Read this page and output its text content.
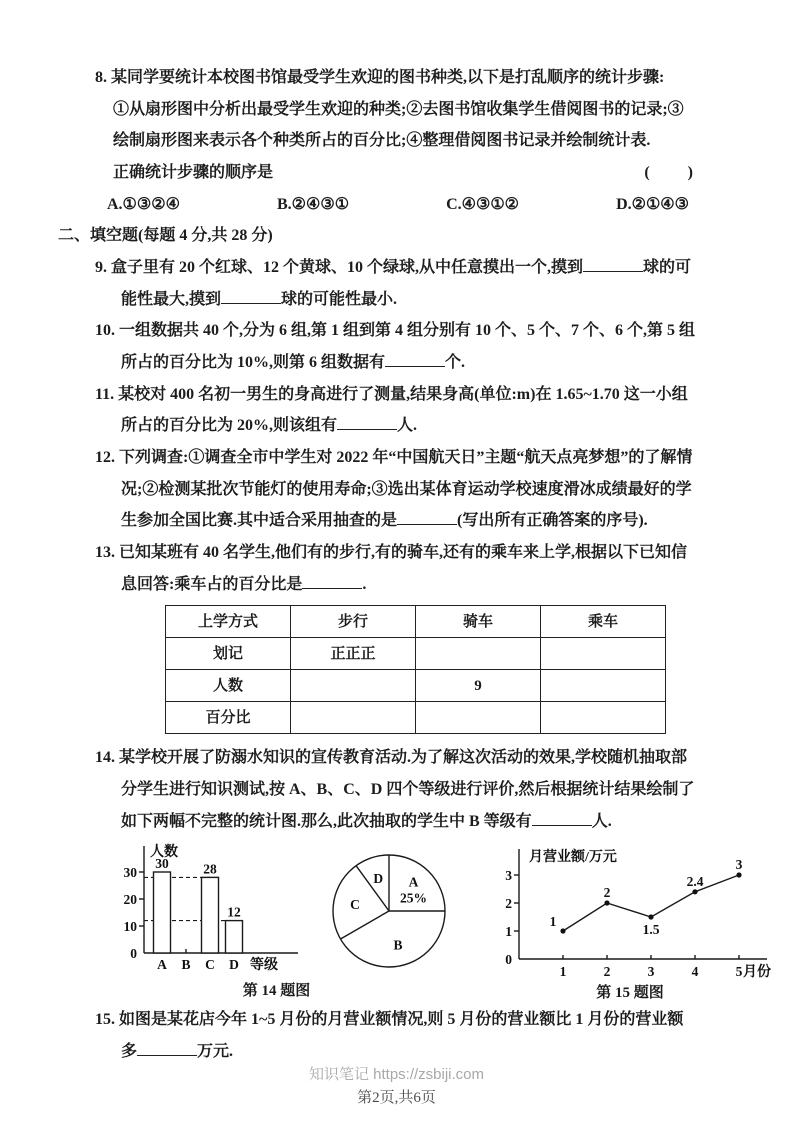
8. 某同学要统计本校图书馆最受学生欢迎的图书种类,以下是打乱顺序的统计步骤:
①从扇形图中分析出最受学生欢迎的种类;②去图书馆收集学生借阅图书的记录;③绘制扇形图来表示各个种类所占的百分比;④整理借阅图书记录并绘制统计表.
正确统计步骤的顺序是	(　　)
A.①③②④	B.②④③①	C.④③①②	D.②①④③
二、填空题(每题 4 分,共 28 分)
9. 盒子里有 20 个红球、12 个黄球、10 个绿球,从中任意摸出一个,摸到	球的可能性最大,摸到	球的可能性最小.
10. 一组数据共 40 个,分为 6 组,第 1 组到第 4 组分别有 10 个、5 个、7 个、6 个,第 5 组所占的百分比为 10%,则第 6 组数据有	个.
11. 某校对 400 名初一男生的身高进行了测量,结果身高(单位:m)在 1.65~1.70 这一小组所占的百分比为 20%,则该组有	人.
12. 下列调查:①调查全市中学生对 2022 年“中国航天日”主题“航天点亮梦想”的了解情况;②检测某批次节能灯的使用寿命;③选出某体育运动学校速度滑冰成绩最好的学生参加全国比赛.其中适合采用抽查的是	(写出所有正确答案的序号).
13. 已知某班有 40 名学生,他们有的步行,有的骑车,还有的乘车来上学,根据以下已知信息回答:乘车占的百分比是	.
上学方式	步行	骑车	乘车
划记	正正正		
人数		9	
百分比			
14. 某学校开展了防溺水知识的宣传教育活动.为了解这次活动的效果,学校随机抽取部分学生进行知识测试,按 A、B、C、D 四个等级进行评价,然后根据统计结果绘制了如下两幅不完整的统计图.那么,此次抽取的学生中 B 等级有	人.
人数
0
10
20
30
30
A B
28
C
12
D 等级
A
25%
B
C
D
第 14 题图
月营业额/万元
0
1
2
3
1	2	3	4	5 月份
1
2
1.5
2.4
3
第 15 题图
15. 如图是某花店今年 1~5 月份的月营业额情况,则 5 月份的营业额比 1 月份的营业额多	万元.
知识笔记 https://zsbiji.com
第2页,共6页
